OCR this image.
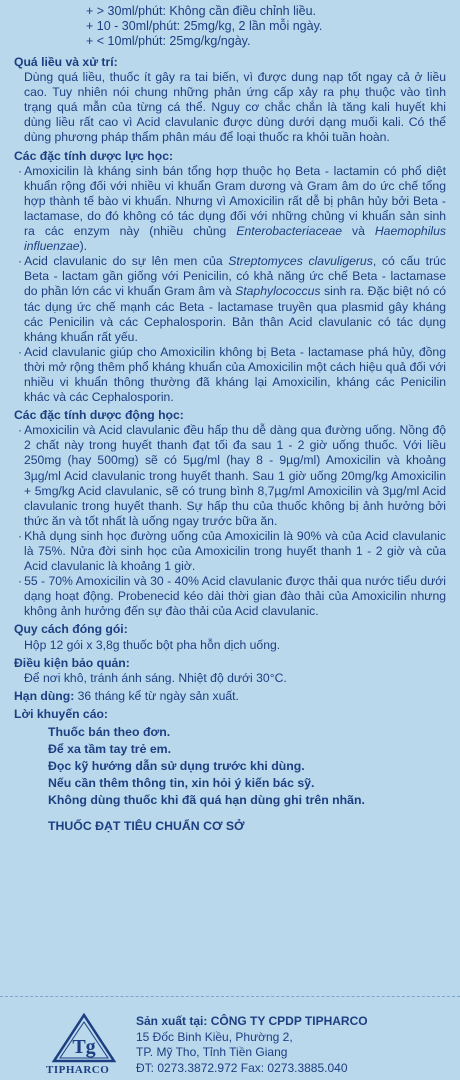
+ > 30ml/phút: Không cần điều chỉnh liều.
+ 10 - 30ml/phút: 25mg/kg, 2 lần mỗi ngày.
+ < 10ml/phút: 25mg/kg/ngày.
Quá liều và xử trí:
Dùng quá liều, thuốc ít gây ra tai biến, vì được dung nạp tốt ngay cả ở liều cao. Tuy nhiên nói chung những phản ứng cấp xảy ra phụ thuộc vào tình trạng quá mẫn của từng cá thể. Nguy cơ chắc chắn là tăng kali huyết khi dùng liều rất cao vì Acid clavulanic được dùng dưới dạng muối kali. Có thể dùng phương pháp thẩm phân máu để loại thuốc ra khỏi tuần hoàn.
Các đặc tính dược lực học:
· Amoxicilin là kháng sinh bán tổng hợp thuộc họ Beta - lactamin có phổ diệt khuẩn rộng đối với nhiều vi khuẩn Gram dương và Gram âm do ức chế tổng hợp thành tế bào vi khuẩn. Nhưng vì Amoxicilin rất dễ bị phân hủy bởi Beta - lactamase, do đó không có tác dụng đối với những chủng vi khuẩn sản sinh ra các enzym này (nhiều chủng Enterobacteriaceae và Haemophilus influenzae).
· Acid clavulanic do sự lên men của Streptomyces clavuligerus, có cấu trúc Beta - lactam gần giống với Penicilin, có khả năng ức chế Beta - lactamase do phần lớn các vi khuẩn Gram âm và Staphylococcus sinh ra. Đặc biệt nó có tác dụng ức chế mạnh các Beta - lactamase truyền qua plasmid gây kháng các Penicilin và các Cephalosporin. Bản thân Acid clavulanic có tác dụng kháng khuẩn rất yếu.
· Acid clavulanic giúp cho Amoxicilin không bị Beta - lactamase phá hủy, đồng thời mở rộng thêm phổ kháng khuẩn của Amoxicilin một cách hiệu quả đối với nhiều vi khuẩn thông thường đã kháng lại Amoxicilin, kháng các Penicilin khác và các Cephalosporin.
Các đặc tính dược động học:
· Amoxicilin và Acid clavulanic đều hấp thu dễ dàng qua đường uống. Nồng độ 2 chất này trong huyết thanh đạt tối đa sau 1 - 2 giờ uống thuốc. Với liều 250mg (hay 500mg) sẽ có 5µg/ml (hay 8 - 9µg/ml) Amoxicilin và khoảng 3µg/ml Acid clavulanic trong huyết thanh. Sau 1 giờ uống 20mg/kg Amoxicilin + 5mg/kg Acid clavulanic, sẽ có trung bình 8,7µg/ml Amoxicilin và 3µg/ml Acid clavulanic trong huyết thanh. Sự hấp thu của thuốc không bị ảnh hưởng bởi thức ăn và tốt nhất là uống ngay trước bữa ăn.
· Khả dụng sinh học đường uống của Amoxicilin là 90% và của Acid clavulanic là 75%. Nửa đời sinh học của Amoxicilin trong huyết thanh 1 - 2 giờ và của Acid clavulanic là khoảng 1 giờ.
· 55 - 70% Amoxicilin và 30 - 40% Acid clavulanic được thải qua nước tiểu dưới dạng hoạt động. Probenecid kéo dài thời gian đào thải của Amoxicilin nhưng không ảnh hưởng đến sự đào thải của Acid clavulanic.
Quy cách đóng gói:
Hộp 12 gói x 3,8g thuốc bột pha hỗn dịch uống.
Điều kiện bảo quản:
Để nơi khô, tránh ánh sáng. Nhiệt độ dưới 30°C.
Hạn dùng: 36 tháng kể từ ngày sản xuất.
Lời khuyến cáo:
Thuốc bán theo đơn.
Để xa tầm tay trẻ em.
Đọc kỹ hướng dẫn sử dụng trước khi dùng.
Nếu cần thêm thông tin, xin hỏi ý kiến bác sỹ.
Không dùng thuốc khi đã quá hạn dùng ghi trên nhãn.
THUỐC ĐẠT TIÊU CHUẨN CƠ SỞ
Tg
TIPHARCO
Sản xuất tại: CÔNG TY CPDP TIPHARCO
15 Đốc Binh Kiều, Phường 2,
TP. Mỹ Tho, Tỉnh Tiền Giang
ĐT: 0273.3872.972 Fax: 0273.3885.040
